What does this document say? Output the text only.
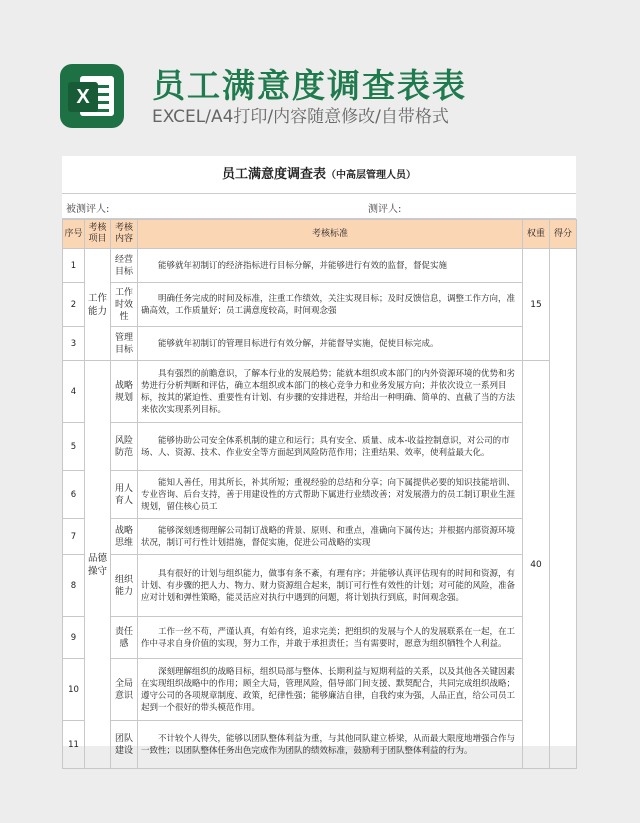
X 员工满意度调查表表
EXCEL/A4打印/内容随意修改/自带格式
员工满意度调查表（中高层管理人员）
被测评人:	测评人:
序号	考核项目	考核内容	考核标准	权重	得分
1	工作能力	经营目标	能够就年初制订的经济指标进行目标分解，并能够进行有效的监督，督促实施	15	
2		工作时效性	明确任务完成的时间及标准，注重工作绩效，关注实现目标；及时反馈信息，调整工作方向，准确高效，工作质量好；员工满意度较高，时间观念强		
3		管理目标	能够就年初制订的管理目标进行有效分解，并能督导实施，促使目标完成。		
4	品德操守	战略规划	具有强烈的前瞻意识，了解本行业的发展趋势；能就本组织或本部门的内外资源环境的优势和劣势进行分析判断和评估，确立本组织或本部门的核心竞争力和业务发展方向；并依次设立一系列目标，按其的紧迫性、重要性有计划、有步骤的安排进程，并给出一种明确、简单的、直截了当的方法来依次实现系列目标。	40	
5		风险防范	能够协助公司安全体系机制的建立和运行；具有安全、质量、成本-收益控制意识，对公司的市场、人、资源、技术、作业安全等方面起到风险防范作用；注重结果、效率，使利益最大化。		
6		用人育人	能知人善任，用其所长，补其所短；重视经验的总结和分享；向下属提供必要的知识技能培训、专业咨询、后台支持，善于用建设性的方式帮助下属进行业绩改善；对发展潜力的员工制订职业生涯规划，留住核心员工		
7		战略思维	能够深刻透彻理解公司制订战略的背景、原则、和重点，准确向下属传达；并根据内部资源环境状况，制订可行性计划措施，督促实施，促进公司战略的实现		
8		组织能力	具有很好的计划与组织能力，做事有条不紊，有理有序；并能够认真评估现有的时间和资源，有计划、有步骤的把人力、物力、财力资源组合起来，制订可行性有效性的计划；对可能的风险，准备应对计划和弹性策略，能灵活应对执行中遇到的问题，将计划执行到底，时间观念强。		
9		责任感	工作一丝不苟，严谨认真，有始有终，追求完美；把组织的发展与个人的发展联系在一起，在工作中寻求自身价值的实现，努力工作，并敢于承担责任；当有需要时，愿意为组织牺牲个人利益。		
10		全局意识	深刻理解组织的战略目标，组织局部与整体、长期利益与短期利益的关系，以及其他各关键因素在实现组织战略中的作用；顾全大局，管理风险，倡导部门间支援、默契配合，共同完成组织战略；遵守公司的各项规章制度、政策，纪律性强；能够廉洁自律，自我约束为强，人品正直，给公司员工起到一个很好的带头模范作用。		
11		团队建设	不计较个人得失，能够以团队整体利益为重，与其他同队建立桥梁，从而最大限度地增强合作与一致性；以团队整体任务出色完成作为团队的绩效标准，鼓励利于团队整体利益的行为。		
